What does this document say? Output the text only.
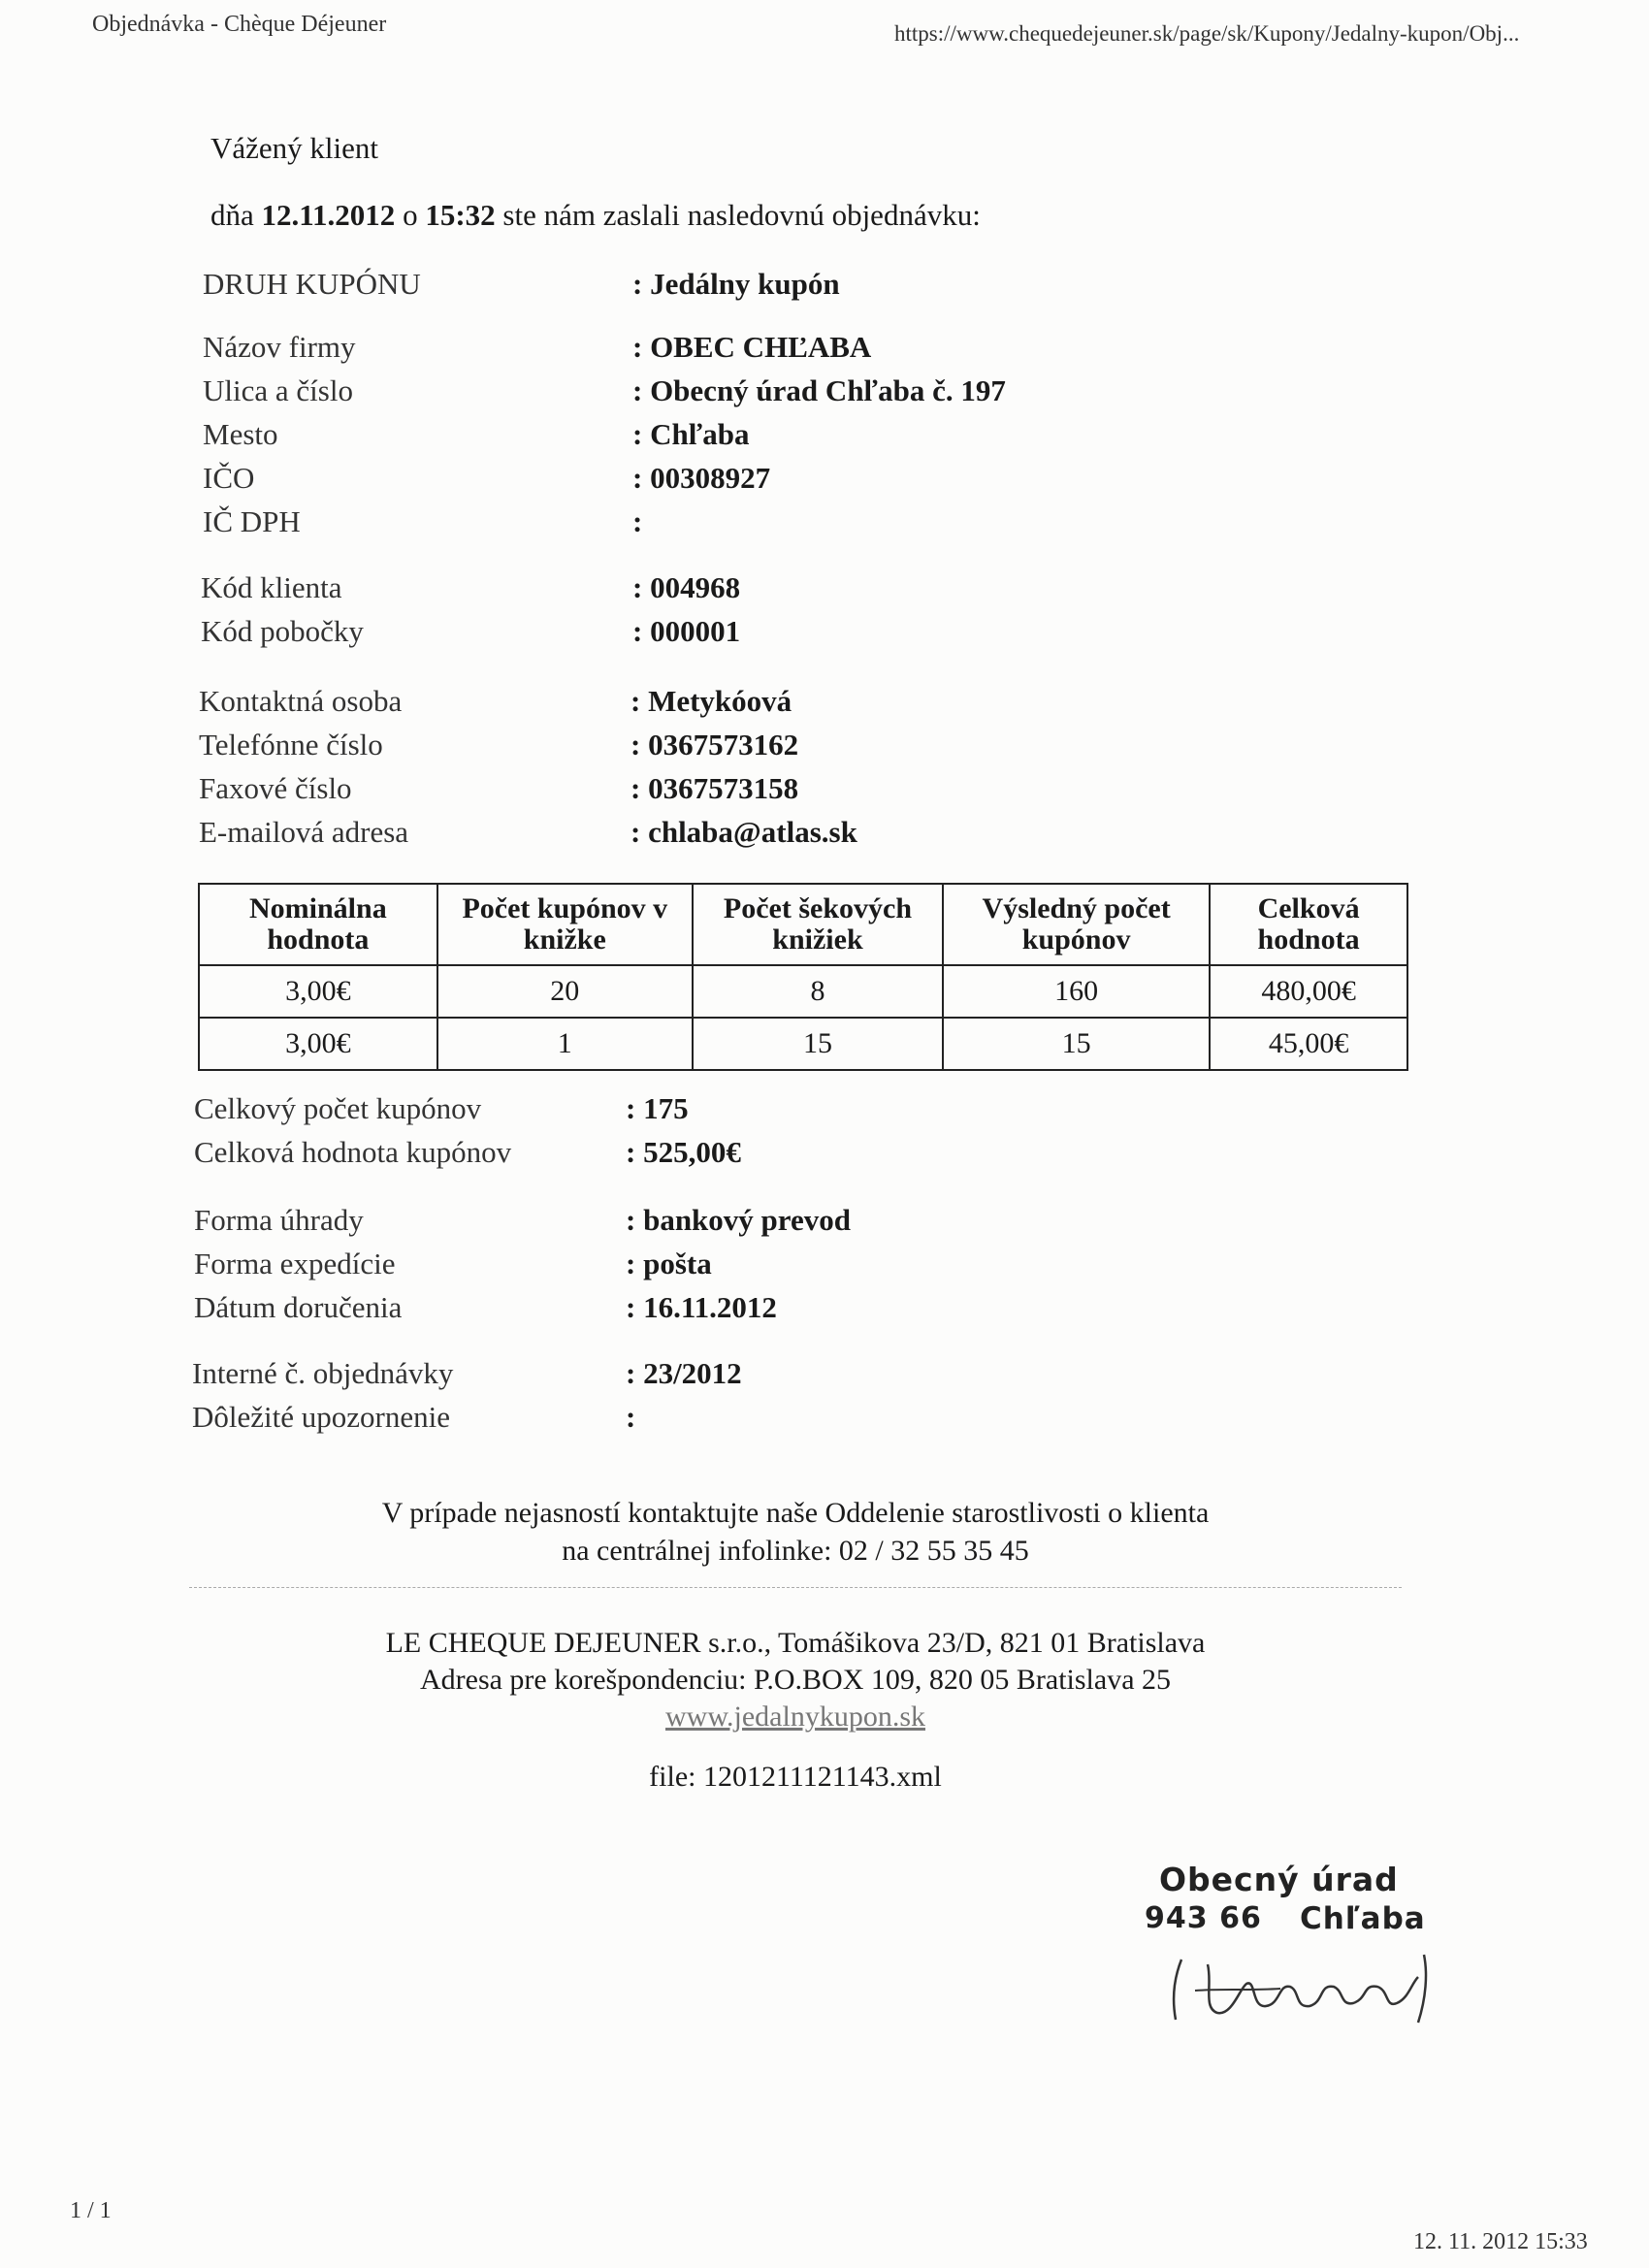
Objednávka - Chèque Déjeuner	https://www.chequedejeuner.sk/page/sk/Kupony/Jedalny-kupon/Obj...
Vážený klient
dňa 12.11.2012 o 15:32 ste nám zaslali nasledovnú objednávku:
DRUH KUPÓNU	: Jedálny kupón
Názov firmy	: OBEC CHĽABA
Ulica a číslo	: Obecný úrad Chľaba č. 197
Mesto	: Chľaba
IČO	: 00308927
IČ DPH	:
Kód klienta	: 004968
Kód pobočky	: 000001
Kontaktná osoba	: Metykóová
Telefónne číslo	: 0367573162
Faxové číslo	: 0367573158
E-mailová adresa	: chlaba@atlas.sk
Nominálna hodnota	Počet kupónov v knižke	Počet šekových knižiek	Výsledný počet kupónov	Celková hodnota
3,00€	20	8	160	480,00€
3,00€	1	15	15	45,00€
Celkový počet kupónov	: 175
Celková hodnota kupónov	: 525,00€
Forma úhrady	: bankový prevod
Forma expedície	: pošta
Dátum doručenia	: 16.11.2012
Interné č. objednávky	: 23/2012
Dôležité upozornenie	:
V prípade nejasností kontaktujte naše Oddelenie starostlivosti o klienta
na centrálnej infolinke: 02 / 32 55 35 45
LE CHEQUE DEJEUNER s.r.o., Tomášikova 23/D, 821 01 Bratislava
Adresa pre korešpondenciu: P.O.BOX 109, 820 05 Bratislava 25
www.jedalnykupon.sk
file: 1201211121143.xml
Obecný úrad
943 66 Chľaba
1 / 1
12. 11. 2012 15:33
